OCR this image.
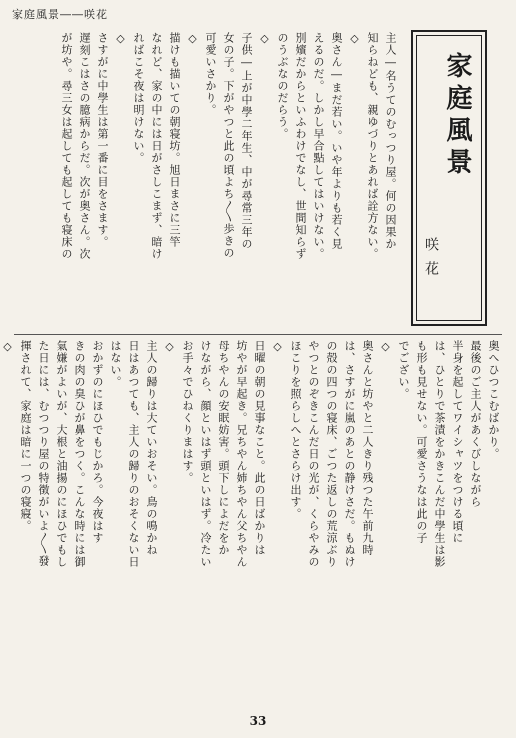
家庭風景――咲花
家庭風景
咲花

主人―名うてのむっつり屋。何の因果か

知らねども、親ゆづりとあれば詮方ない。

◇

奥さん―まだ若い。いや年よりも若く見

えるのだ。しかし早合點してはいけない。

別嬪だからといふわけでなし、世間知らず

のうぶなのだらう。

◇

子供―上が中學二年生、中が尋常三年の

女の子。下がやつと此の頃よち〳〵歩きの

可愛いさかり。

◇

描けも描いての朝寝坊。旭日まさに三竿

なれど、家の中には日がさしこまず、暗け

ればこそ夜は明けない。

◇

さすがに中學生は第一番に目をさます。

遅刻こはさの臆病からだ。次が奥さん。次

が坊や。尋三女は起しても起しても寝床の

奥へひつこむばかり。

最後のご主人があくびしながら

半身を起してワイシャツをつける頃に

は、ひとりで茶漬をかきこんだ中學生は影

も形も見せない。可愛さうなは此の子

でござい。

◇

奥さんと坊やと二人きり残つた午前九時

は、さすがに嵐のあとの静けさだ。もぬけ

の殻の四つの寝床、ごつた返しの荒涼ぶり

やつとのぞきこんだ日の光が、くらやみの

ほこりを照らしへとさらけ出す。

◇

日曜の朝の見事なこと。此の日ばかりは

坊やが早起き。兄ちやん姉ちやん父ちやん

母ちやんの安眠妨害。頭下しによだをか

けながら、顔といはず頭といはず。冷たい

お手々でひねくりまはす。

◇

主人の歸りは大ていおそい。鳥の鳴かね

日はあつても、主人の歸りのおそくない日

はない。

おかずのにほひでもじかろ。今夜はす

きの肉の臭ひが鼻をつく。こんな時には御

氣嫌がよいが、大根と油揚のにほひでもし

た日には、むつつり屋の特徴がいよ〳〵發

揮されて、家庭は暗に一つの寝寢。

◇

33
